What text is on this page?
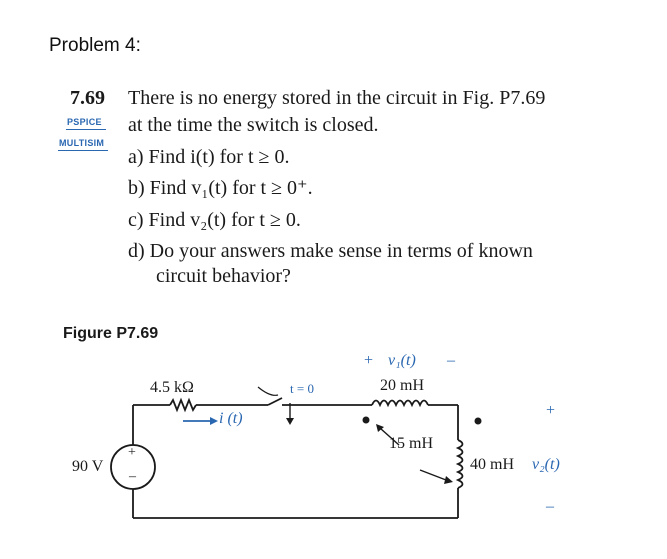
Problem 4:
7.69
PSPICE
MULTISIM
There is no energy stored in the circuit in Fig. P7.69
at the time the switch is closed.
a) Find i(t) for t ≥ 0.
b) Find v₁(t) for t ≥ 0⁺.
c) Find v₂(t) for t ≥ 0.
d) Do your answers make sense in terms of known
circuit behavior?
Figure P7.69
4.5 kΩ
i (t)
t = 0
+ v₁(t) –
20 mH
15 mH
40 mH v₂(t)
+
–
90 V
+
–
